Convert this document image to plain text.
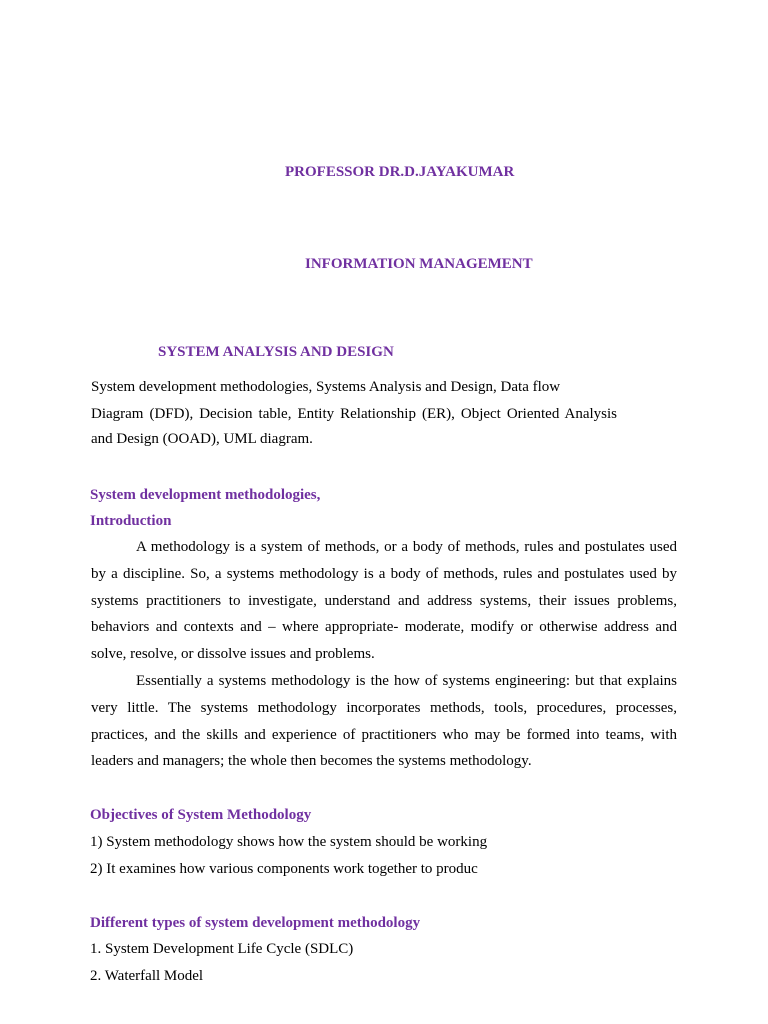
PROFESSOR DR.D.JAYAKUMAR
INFORMATION MANAGEMENT
SYSTEM ANALYSIS AND DESIGN
System development methodologies, Systems Analysis and Design, Data flow
Diagram (DFD), Decision table, Entity Relationship (ER), Object Oriented Analysis
and Design (OOAD), UML diagram.
System development methodologies,
Introduction

A methodology is a system of methods, or a body of methods, rules and postulates used by a discipline. So, a systems methodology is a body of methods, rules and postulates used by systems practitioners to investigate, understand and address systems, their issues problems, behaviors and contexts and – where appropriate- moderate, modify or otherwise address and solve, resolve, or dissolve issues and problems.

Essentially a systems methodology is the how of systems engineering: but that explains very little. The systems methodology incorporates methods, tools, procedures, processes, practices, and the skills and experience of practitioners who may be formed into teams, with leaders and managers; the whole then becomes the systems methodology.

Objectives of System Methodology
1) System methodology shows how the system should be working
2) It examines how various components work together to produc
Different types of system development methodology
1. System Development Life Cycle (SDLC)
2. Waterfall Model
